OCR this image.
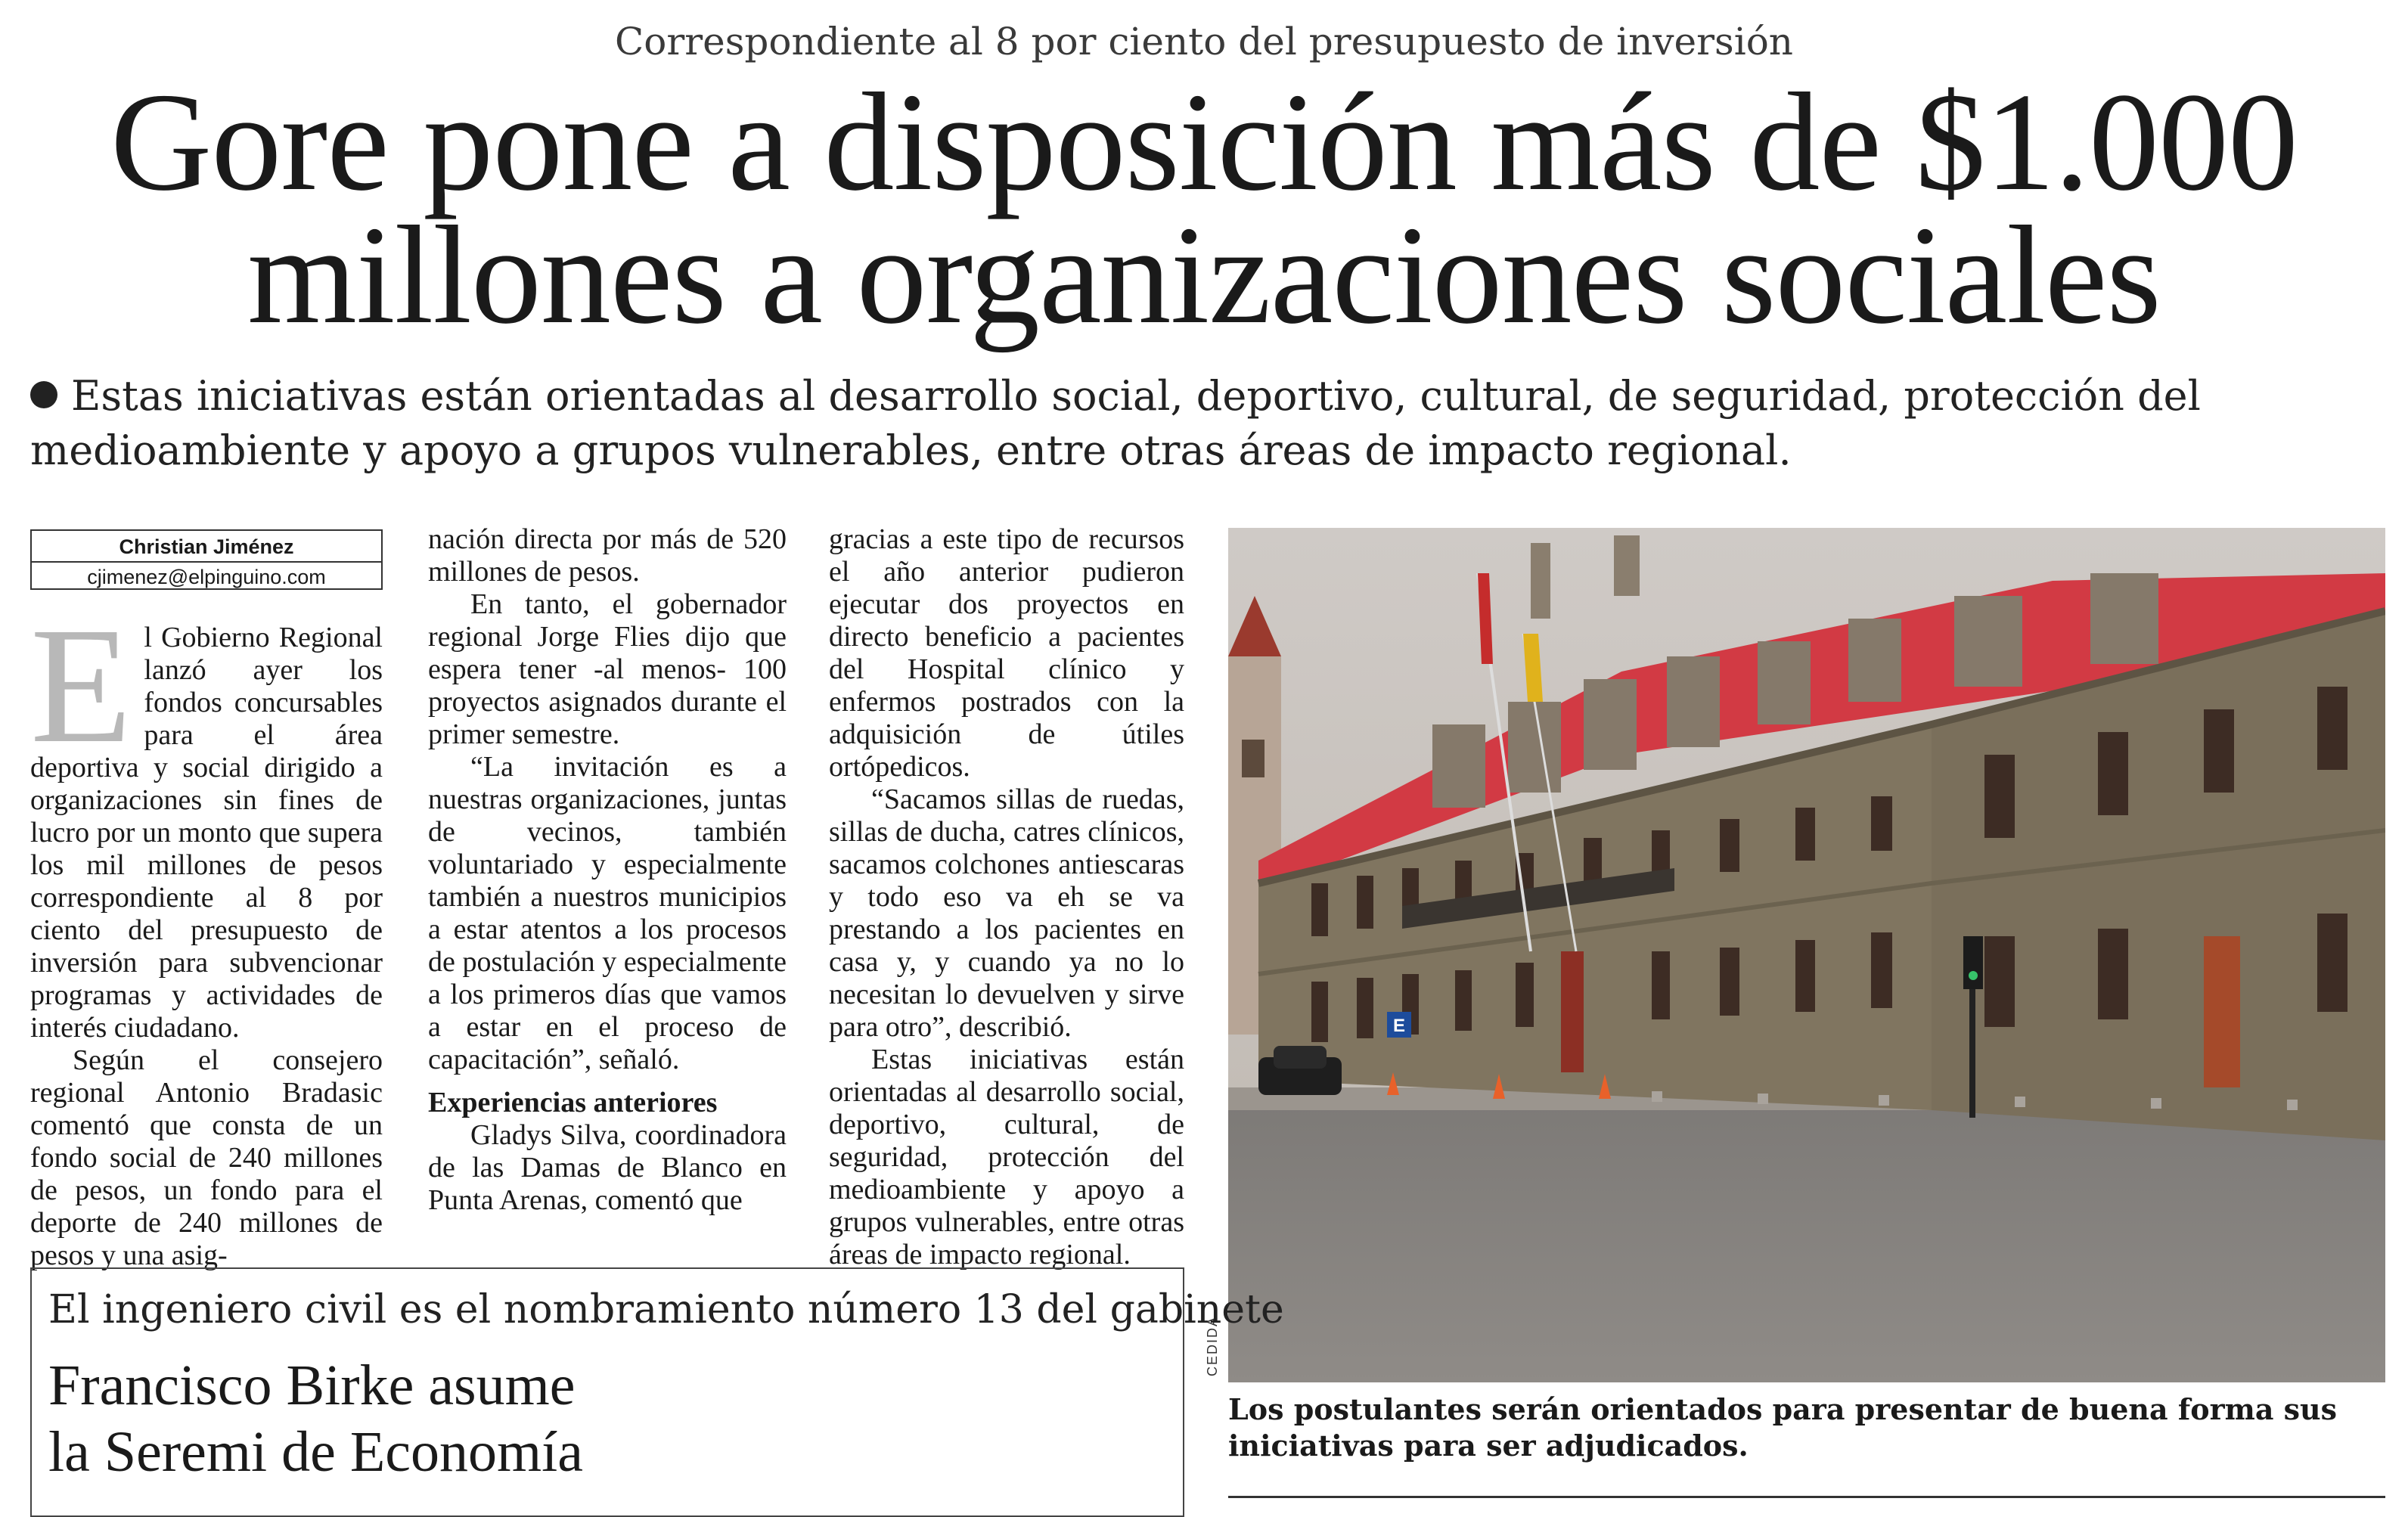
Correspondiente al 8 por ciento del presupuesto de inversión
Gore pone a disposición más de $1.000
millones a organizaciones sociales
Estas iniciativas están orientadas al desarrollo social, deportivo, cultural, de seguridad, protección del medioambiente y apoyo a grupos vulnerables, entre otras áreas de impacto regional.
Christian Jiménez
cjimenez@elpinguino.com

El Gobierno Regional lanzó ayer los fondos concursables para el área deportiva y social dirigido a organizaciones sin fines de lucro por un monto que supera los mil millones de pesos correspondiente al 8 por ciento del presupuesto de inversión para subvencionar programas y actividades de interés ciudadano.

Según el consejero regional Antonio Bradasic comentó que consta de un fondo social de 240 millones de pesos, un fondo para el deporte de 240 millones de pesos y una asig-

nación directa por más de 520 millones de pesos.

En tanto, el gobernador regional Jorge Flies dijo que espera tener -al menos- 100 proyectos asignados durante el primer semestre.

“La invitación es a nuestras organizaciones, juntas de vecinos, también voluntariado y especialmente también a nuestros municipios a estar atentos a los procesos de postulación y especialmente a los primeros días que vamos a estar en el proceso de capacitación”, señaló.

Experiencias anteriores

Gladys Silva, coordinadora de las Damas de Blanco en Punta Arenas, comentó que

gracias a este tipo de recursos el año anterior pudieron ejecutar dos proyectos en directo beneficio a pacientes del Hospital clínico y enfermos postrados con la adquisición de útiles ortópedicos.

“Sacamos sillas de ruedas, sillas de ducha, catres clínicos, sacamos colchones antiescaras y todo eso va eh se va prestando a los pacientes en casa y, y cuando ya no lo necesitan lo devuelven y sirve para otro”, describió.

Estas iniciativas están orientadas al desarrollo social, deportivo, cultural, de seguridad, protección del medioambiente y apoyo a grupos vulnerables, entre otras áreas de impacto regional.

E
CEDIDA
Los postulantes serán orientados para presentar de buena forma sus iniciativas para ser adjudicados.
El ingeniero civil es el nombramiento número 13 del gabinete
Francisco Birke asume
la Seremi de Economía
